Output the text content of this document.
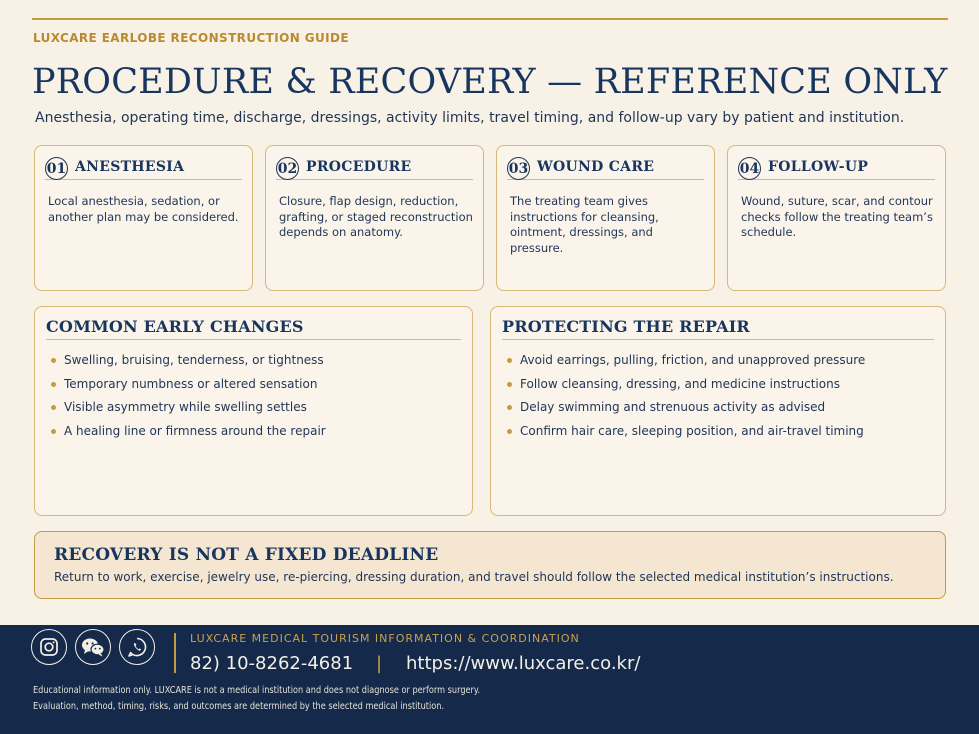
LUXCARE EARLOBE RECONSTRUCTION GUIDE
PROCEDURE & RECOVERY — REFERENCE ONLY

Anesthesia, operating time, discharge, dressings, activity limits, travel timing, and follow-up vary by patient and institution.

01 ANESTHESIA

Local anesthesia, sedation, or another plan may be considered.

02 PROCEDURE

Closure, flap design, reduction, grafting, or staged reconstruction depends on anatomy.

03 WOUND CARE

The treating team gives instructions for cleansing, ointment, dressings, and pressure.

04 FOLLOW-UP

Wound, suture, scar, and contour checks follow the treating team’s schedule.

COMMON EARLY CHANGES
Swelling, bruising, tenderness, or tightness
Temporary numbness or altered sensation
Visible asymmetry while swelling settles
A healing line or firmness around the repair
PROTECTING THE REPAIR
Avoid earrings, pulling, friction, and unapproved pressure
Follow cleansing, dressing, and medicine instructions
Delay swimming and strenuous activity as advised
Confirm hair care, sleeping position, and air-travel timing
RECOVERY IS NOT A FIXED DEADLINE

Return to work, exercise, jewelry use, re-piercing, dressing duration, and travel should follow the selected medical institution’s instructions.

LUXCARE MEDICAL TOURISM INFORMATION & COORDINATION
82) 10-8262-4681 | https://www.luxcare.co.kr/
Educational information only. LUXCARE is not a medical institution and does not diagnose or perform surgery.
Evaluation, method, timing, risks, and outcomes are determined by the selected medical institution.
